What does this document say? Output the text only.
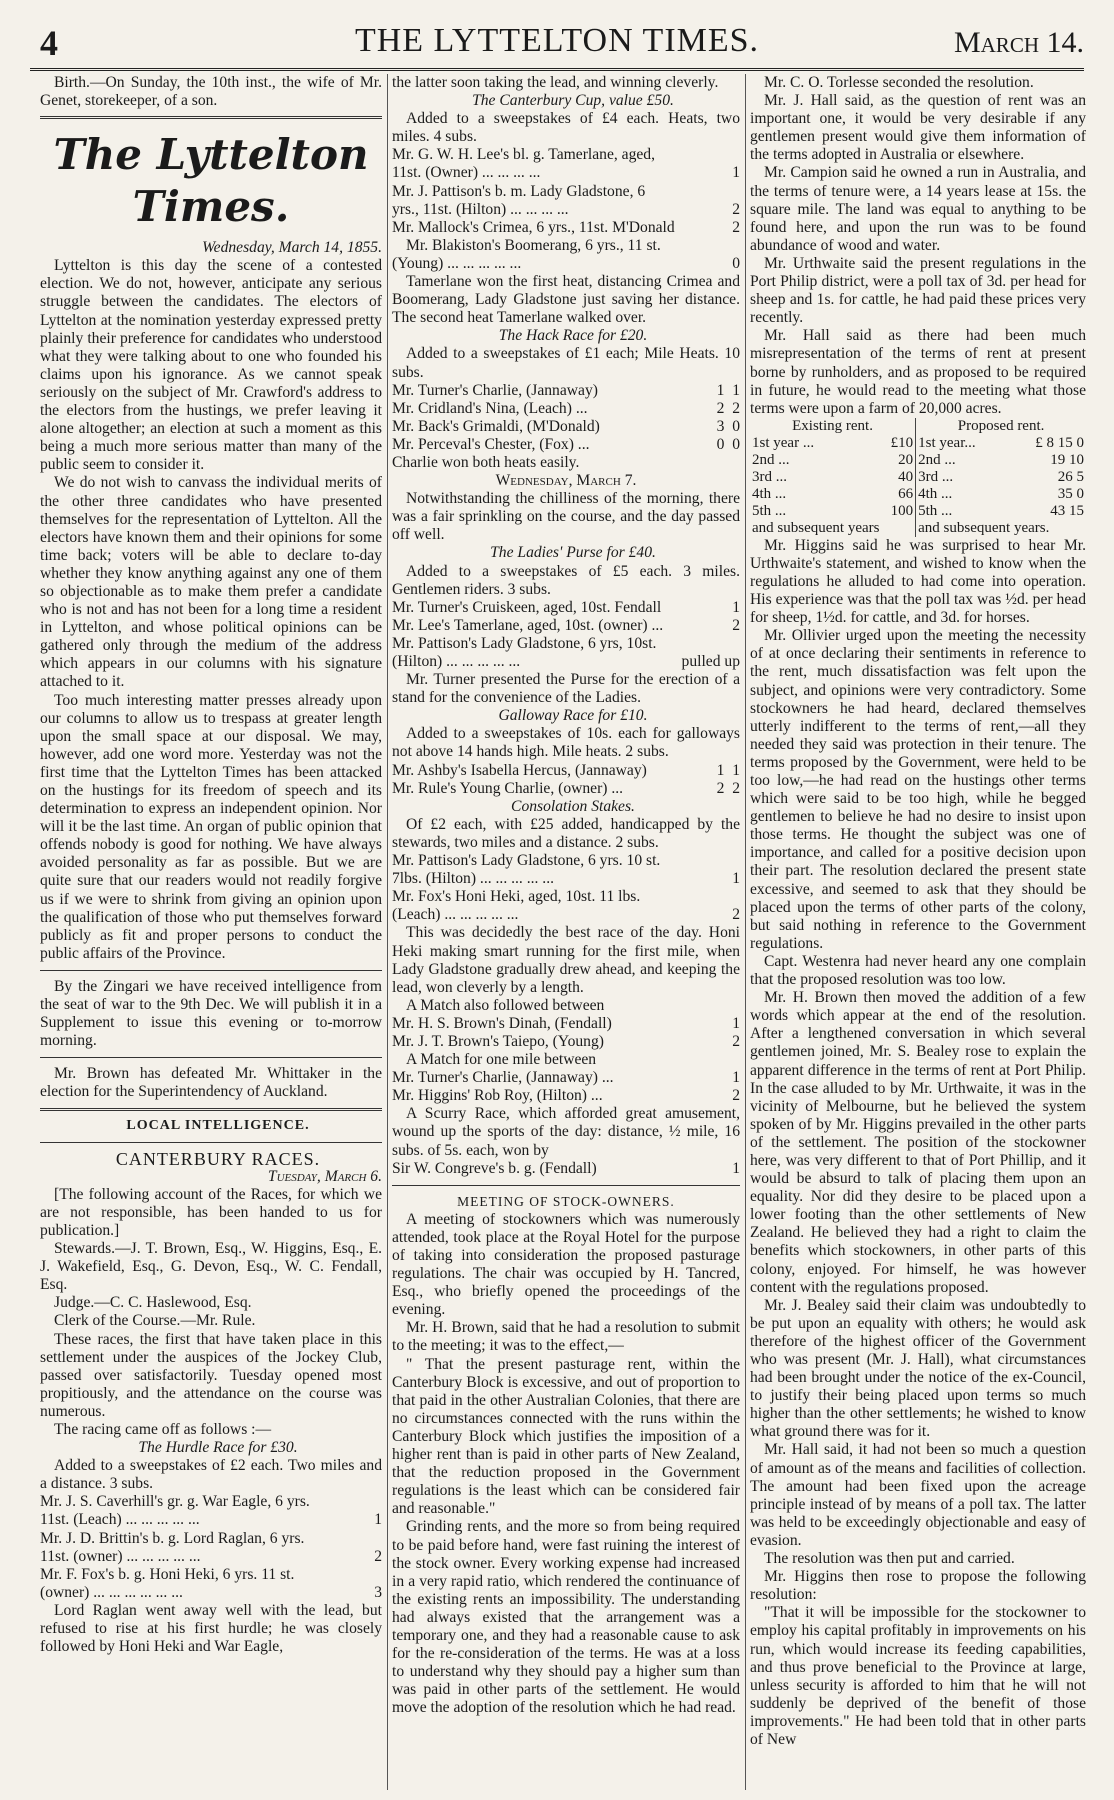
4	THE LYTTELTON TIMES.	March 14.

Birth.—On Sunday, the 10th inst., the wife of Mr. Genet, storekeeper, of a son.

The Lyttelton Times.

Wednesday, March 14, 1855.

Lyttelton is this day the scene of a contested election. We do not, however, anticipate any serious struggle between the candidates. The electors of Lyttelton at the nomination yesterday expressed pretty plainly their preference for candidates who understood what they were talking about to one who founded his claims upon his ignorance. As we cannot speak seriously on the subject of Mr. Crawford's address to the electors from the hustings, we prefer leaving it alone altogether; an election at such a moment as this being a much more serious matter than many of the public seem to consider it.

We do not wish to canvass the individual merits of the other three candidates who have presented themselves for the representation of Lyttelton. All the electors have known them and their opinions for some time back; voters will be able to declare to-day whether they know anything against any one of them so objectionable as to make them prefer a candidate who is not and has not been for a long time a resident in Lyttelton, and whose political opinions can be gathered only through the medium of the address which appears in our columns with his signature attached to it.

Too much interesting matter presses already upon our columns to allow us to trespass at greater length upon the small space at our disposal. We may, however, add one word more. Yesterday was not the first time that the Lyttelton Times has been attacked on the hustings for its freedom of speech and its determination to express an independent opinion. Nor will it be the last time. An organ of public opinion that offends nobody is good for nothing. We have always avoided personality as far as possible. But we are quite sure that our readers would not readily forgive us if we were to shrink from giving an opinion upon the qualification of those who put themselves forward publicly as fit and proper persons to conduct the public affairs of the Province.

By the Zingari we have received intelligence from the seat of war to the 9th Dec. We will publish it in a Supplement to issue this evening or to-morrow morning.

Mr. Brown has defeated Mr. Whittaker in the election for the Superintendency of Auckland.

LOCAL INTELLIGENCE.

CANTERBURY RACES.

Tuesday, March 6.

[The following account of the Races, for which we are not responsible, has been handed to us for publication.]

Stewards.—J. T. Brown, Esq., W. Higgins, Esq., E. J. Wakefield, Esq., G. Devon, Esq., W. C. Fendall, Esq.

Judge.—C. C. Haslewood, Esq.

Clerk of the Course.—Mr. Rule.

These races, the first that have taken place in this settlement under the auspices of the Jockey Club, passed over satisfactorily. Tuesday opened most propitiously, and the attendance on the course was numerous.

The racing came off as follows :—

The Hurdle Race for £30.

Added to a sweepstakes of £2 each. Two miles and a distance. 3 subs.

Mr. J. S. Caverhill's gr. g. War Eagle, 6 yrs.

11st. (Leach) ... ... ... ... ...	1

Mr. J. D. Brittin's b. g. Lord Raglan, 6 yrs.

11st. (owner) ... ... ... ... ...	2

Mr. F. Fox's b. g. Honi Heki, 6 yrs. 11 st.

(owner) ... ... ... ... ... ...	3

Lord Raglan went away well with the lead, but refused to rise at his first hurdle; he was closely followed by Honi Heki and War Eagle,

the latter soon taking the lead, and winning cleverly.

The Canterbury Cup, value £50.

Added to a sweepstakes of £4 each. Heats, two miles. 4 subs.

Mr. G. W. H. Lee's bl. g. Tamerlane, aged,

11st. (Owner) ... ... ... ...	1

Mr. J. Pattison's b. m. Lady Gladstone, 6

yrs., 11st. (Hilton) ... ... ... ...	2
Mr. Mallock's Crimea, 6 yrs., 11st. M'Donald	2

Mr. Blakiston's Boomerang, 6 yrs., 11 st.

(Young) ... ... ... ... ...	0

Tamerlane won the first heat, distancing Crimea and Boomerang, Lady Gladstone just saving her distance. The second heat Tamerlane walked over.

The Hack Race for £20.

Added to a sweepstakes of £1 each; Mile Heats. 10 subs.

Mr. Turner's Charlie, (Jannaway)	1 1
Mr. Cridland's Nina, (Leach) ...	2 2
Mr. Back's Grimaldi, (M'Donald)	3 0
Mr. Perceval's Chester, (Fox) ...	0 0

Charlie won both heats easily.

Wednesday, March 7.

Notwithstanding the chilliness of the morning, there was a fair sprinkling on the course, and the day passed off well.

The Ladies' Purse for £40.

Added to a sweepstakes of £5 each. 3 miles. Gentlemen riders. 3 subs.

Mr. Turner's Cruiskeen, aged, 10st. Fendall	1
Mr. Lee's Tamerlane, aged, 10st. (owner) ...	2

Mr. Pattison's Lady Gladstone, 6 yrs, 10st.

(Hilton) ... ... ... ... ...	pulled up

Mr. Turner presented the Purse for the erection of a stand for the convenience of the Ladies.

Galloway Race for £10.

Added to a sweepstakes of 10s. each for galloways not above 14 hands high. Mile heats. 2 subs.

Mr. Ashby's Isabella Hercus, (Jannaway)	1 1
Mr. Rule's Young Charlie, (owner) ...	2 2

Consolation Stakes.

Of £2 each, with £25 added, handicapped by the stewards, two miles and a distance. 2 subs.

Mr. Pattison's Lady Gladstone, 6 yrs. 10 st.

7lbs. (Hilton) ... ... ... ... ...	1

Mr. Fox's Honi Heki, aged, 10st. 11 lbs.

(Leach) ... ... ... ... ...	2

This was decidedly the best race of the day. Honi Heki making smart running for the first mile, when Lady Gladstone gradually drew ahead, and keeping the lead, won cleverly by a length.

A Match also followed between

Mr. H. S. Brown's Dinah, (Fendall)	1
Mr. J. T. Brown's Taiepo, (Young)	2

A Match for one mile between

Mr. Turner's Charlie, (Jannaway) ...	1
Mr. Higgins' Rob Roy, (Hilton) ...	2

A Scurry Race, which afforded great amusement, wound up the sports of the day: distance, ½ mile, 16 subs. of 5s. each, won by

Sir W. Congreve's b. g. (Fendall)	1

MEETING OF STOCK-OWNERS.

A meeting of stockowners which was numerously attended, took place at the Royal Hotel for the purpose of taking into consideration the proposed pasturage regulations. The chair was occupied by H. Tancred, Esq., who briefly opened the proceedings of the evening.

Mr. H. Brown, said that he had a resolution to submit to the meeting; it was to the effect,—

" That the present pasturage rent, within the Canterbury Block is excessive, and out of proportion to that paid in the other Australian Colonies, that there are no circumstances connected with the runs within the Canterbury Block which justifies the imposition of a higher rent than is paid in other parts of New Zealand, that the reduction proposed in the Government regulations is the least which can be considered fair and reasonable."

Grinding rents, and the more so from being required to be paid before hand, were fast ruining the interest of the stock owner. Every working expense had increased in a very rapid ratio, which rendered the continuance of the existing rents an impossibility. The understanding had always existed that the arrangement was a temporary one, and they had a reasonable cause to ask for the re-consideration of the terms. He was at a loss to understand why they should pay a higher sum than was paid in other parts of the settlement. He would move the adoption of the resolution which he had read.

Mr. C. O. Torlesse seconded the resolution.

Mr. J. Hall said, as the question of rent was an important one, it would be very desirable if any gentlemen present would give them information of the terms adopted in Australia or elsewhere.

Mr. Campion said he owned a run in Australia, and the terms of tenure were, a 14 years lease at 15s. the square mile. The land was equal to anything to be found here, and upon the run was to be found abundance of wood and water.

Mr. Urthwaite said the present regulations in the Port Philip district, were a poll tax of 3d. per head for sheep and 1s. for cattle, he had paid these prices very recently.

Mr. Hall said as there had been much misrepresentation of the terms of rent at present borne by runholders, and as proposed to be required in future, he would read to the meeting what those terms were upon a farm of 20,000 acres.

Existing rent.		Proposed rent.	
1st year ...	£10	1st year...	£ 8 15 0
2nd ...	20	2nd ...	19 10
3rd ...	40	3rd ...	26 5
4th ...	66	4th ...	35 0
5th ...	100	5th ...	43 15
and subsequent years		and subsequent years.	

Mr. Higgins said he was surprised to hear Mr. Urthwaite's statement, and wished to know when the regulations he alluded to had come into operation. His experience was that the poll tax was ½d. per head for sheep, 1½d. for cattle, and 3d. for horses.

Mr. Ollivier urged upon the meeting the necessity of at once declaring their sentiments in reference to the rent, much dissatisfaction was felt upon the subject, and opinions were very contradictory. Some stockowners he had heard, declared themselves utterly indifferent to the terms of rent,—all they needed they said was protection in their tenure. The terms proposed by the Government, were held to be too low,—he had read on the hustings other terms which were said to be too high, while he begged gentlemen to believe he had no desire to insist upon those terms. He thought the subject was one of importance, and called for a positive decision upon their part. The resolution declared the present state excessive, and seemed to ask that they should be placed upon the terms of other parts of the colony, but said nothing in reference to the Government regulations.

Capt. Westenra had never heard any one complain that the proposed resolution was too low.

Mr. H. Brown then moved the addition of a few words which appear at the end of the resolution. After a lengthened conversation in which several gentlemen joined, Mr. S. Bealey rose to explain the apparent difference in the terms of rent at Port Philip. In the case alluded to by Mr. Urthwaite, it was in the vicinity of Melbourne, but he believed the system spoken of by Mr. Higgins prevailed in the other parts of the settlement. The position of the stockowner here, was very different to that of Port Phillip, and it would be absurd to talk of placing them upon an equality. Nor did they desire to be placed upon a lower footing than the other settlements of New Zealand. He believed they had a right to claim the benefits which stockowners, in other parts of this colony, enjoyed. For himself, he was however content with the regulations proposed.

Mr. J. Bealey said their claim was undoubtedly to be put upon an equality with others; he would ask therefore of the highest officer of the Government who was present (Mr. J. Hall), what circumstances had been brought under the notice of the ex-Council, to justify their being placed upon terms so much higher than the other settlements; he wished to know what ground there was for it.

Mr. Hall said, it had not been so much a question of amount as of the means and facilities of collection. The amount had been fixed upon the acreage principle instead of by means of a poll tax. The latter was held to be exceedingly objectionable and easy of evasion.

The resolution was then put and carried.

Mr. Higgins then rose to propose the following resolution:

"That it will be impossible for the stockowner to employ his capital profitably in improvements on his run, which would increase its feeding capabilities, and thus prove beneficial to the Province at large, unless security is afforded to him that he will not suddenly be deprived of the benefit of those improvements." He had been told that in other parts of New
